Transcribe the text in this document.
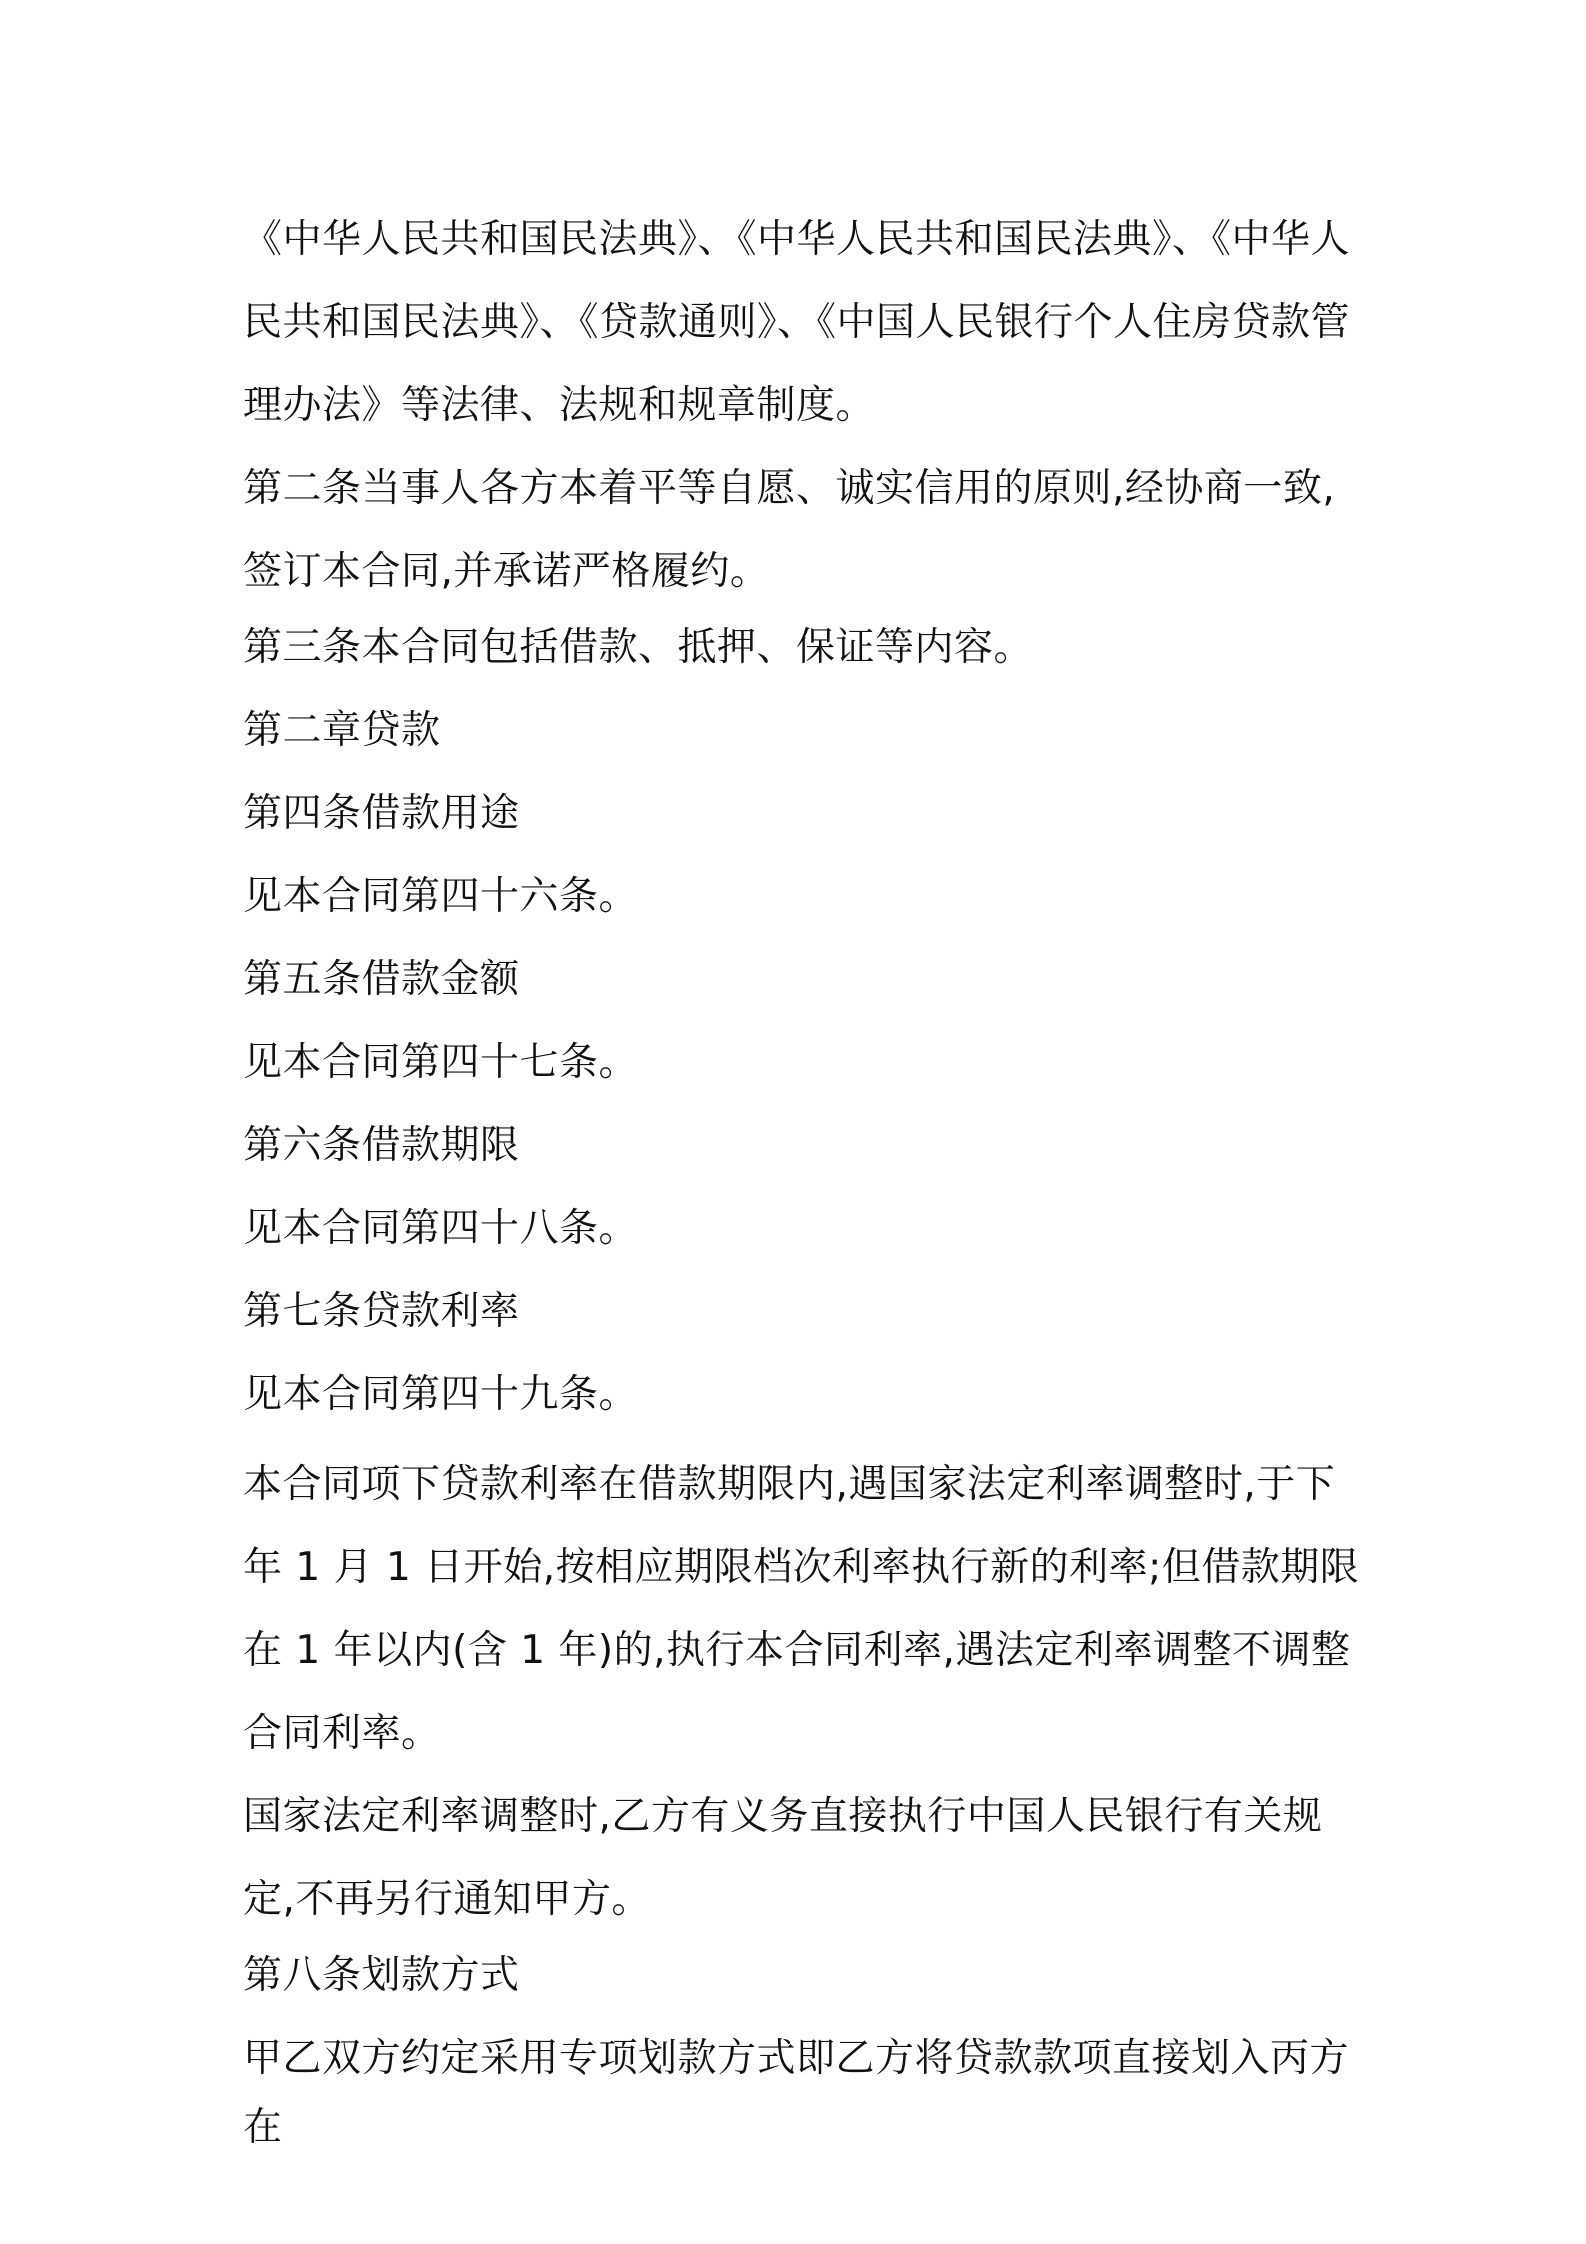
《中华人民共和国民法典》、《中华人民共和国民法典》、《中华人民共和国民法典》、《贷款通则》、《中国人民银行个人住房贷款管理办法》等法律、法规和规章制度。

第二条当事人各方本着平等自愿、诚实信用的原则,经协商一致,签订本合同,并承诺严格履约。

第三条本合同包括借款、抵押、保证等内容。

第二章贷款

第四条借款用途

见本合同第四十六条。

第五条借款金额

见本合同第四十七条。

第六条借款期限

见本合同第四十八条。

第七条贷款利率

见本合同第四十九条。

本合同项下贷款利率在借款期限内,遇国家法定利率调整时,于下年 1 月 1 日开始,按相应期限档次利率执行新的利率;但借款期限在 1 年以内(含 1 年)的,执行本合同利率,遇法定利率调整不调整合同利率。

国家法定利率调整时,乙方有义务直接执行中国人民银行有关规定,不再另行通知甲方。

第八条划款方式

甲乙双方约定采用专项划款方式即乙方将贷款款项直接划入丙方在
